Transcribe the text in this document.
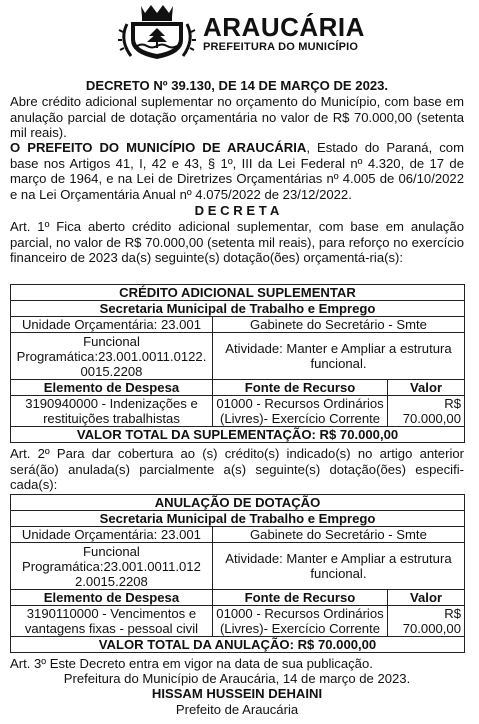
ARAUCÁRIA
PREFEITURA DO MUNICÍPIO
DECRETO Nº 39.130, DE 14 DE MARÇO DE 2023.
Abre crédito adicional suplementar no orçamento do Município, com base em anulação parcial de dotação orçamentária no valor de R$ 70.000,00 (setenta mil reais).
O PREFEITO DO MUNICÍPIO DE ARAUCÁRIA, Estado do Paraná, com base nos Artigos 41, I, 42 e 43, § 1º, III da Lei Federal nº 4.320, de 17 de março de 1964, e na Lei de Diretrizes Orçamentárias nº 4.005 de 06/10/2022 e na Lei Orçamentária Anual nº 4.075/2022 de 23/12/2022.
D E C R E T A
Art. 1º Fica aberto crédito adicional suplementar, com base em anulação parcial, no valor de R$ 70.000,00 (setenta mil reais), para reforço no exercício financeiro de 2023 da(s) seguinte(s) dotação(ões) orçamentá-ria(s):
CRÉDITO ADICIONAL SUPLEMENTAR		
Secretaria Municipal de Trabalho e Emprego		
Unidade Orçamentária: 23.001	Gabinete do Secretário - Smte	
Funcional Programática:23.001.0011.0122. 0015.2208	Atividade: Manter e Ampliar a estrutura funcional.	
Elemento de Despesa	Fonte de Recurso	Valor
3190940000 - Indenizações e restituições trabalhistas	01000 - Recursos Ordinários (Livres)- Exercício Corrente	R$ 70.000,00
VALOR TOTAL DA SUPLEMENTAÇÃO: R$ 70.000,00		
Art. 2º Para dar cobertura ao (s) crédito(s) indicado(s) no artigo anterior será(ão) anulada(s) parcialmente a(s) seguinte(s) dotação(ões) especifi-cada(s):
ANULAÇÃO DE DOTAÇÃO		
Secretaria Municipal de Trabalho e Emprego		
Unidade Orçamentária: 23.001	Gabinete do Secretário - Smte	
Funcional Programática:23.001.0011.012 2.0015.2208	Atividade: Manter e Ampliar a estrutura funcional.	
Elemento de Despesa	Fonte de Recurso	Valor
3190110000 - Vencimentos e vantagens fixas - pessoal civil	01000 - Recursos Ordinários (Livres)- Exercício Corrente	R$ 70.000,00
VALOR TOTAL DA ANULAÇÃO: R$ 70.000,00		
Art. 3º Este Decreto entra em vigor na data de sua publicação.
Prefeitura do Município de Araucária, 14 de março de 2023.
HISSAM HUSSEIN DEHAINI
Prefeito de Araucária
